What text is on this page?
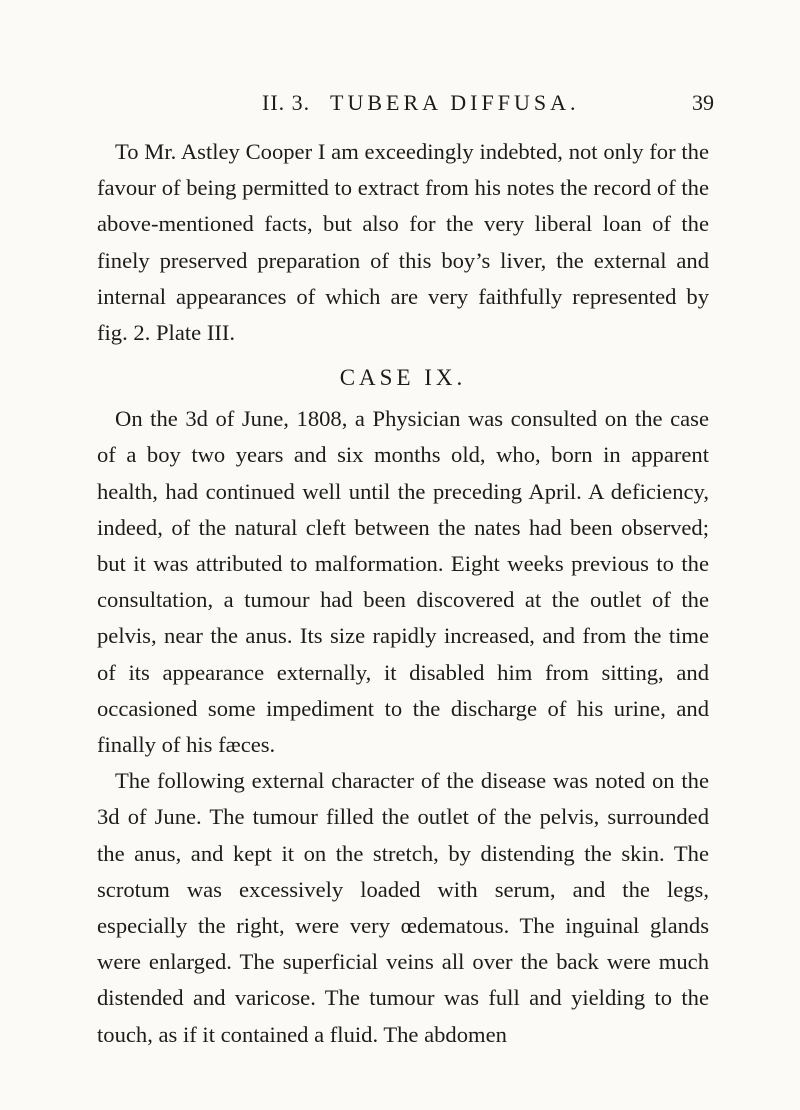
II. 3. TUBERA DIFFUSA.	39

To Mr. Astley Cooper I am exceedingly indebted, not only for the favour of being permitted to extract from his notes the record of the above-mentioned facts, but also for the very liberal loan of the finely preserved preparation of this boy’s liver, the external and internal appearances of which are very faithfully represented by fig. 2. Plate III.

CASE IX.

On the 3d of June, 1808, a Physician was consulted on the case of a boy two years and six months old, who, born in apparent health, had continued well until the preceding April. A deficiency, indeed, of the natural cleft between the nates had been observed; but it was attributed to malformation. Eight weeks previous to the consultation, a tumour had been discovered at the outlet of the pelvis, near the anus. Its size rapidly increased, and from the time of its appearance externally, it disabled him from sitting, and occasioned some impediment to the discharge of his urine, and finally of his fæces.

The following external character of the disease was noted on the 3d of June. The tumour filled the outlet of the pelvis, surrounded the anus, and kept it on the stretch, by distending the skin. The scrotum was excessively loaded with serum, and the legs, especially the right, were very œdematous. The inguinal glands were enlarged. The superficial veins all over the back were much distended and varicose. The tumour was full and yielding to the touch, as if it contained a fluid. The abdomen
